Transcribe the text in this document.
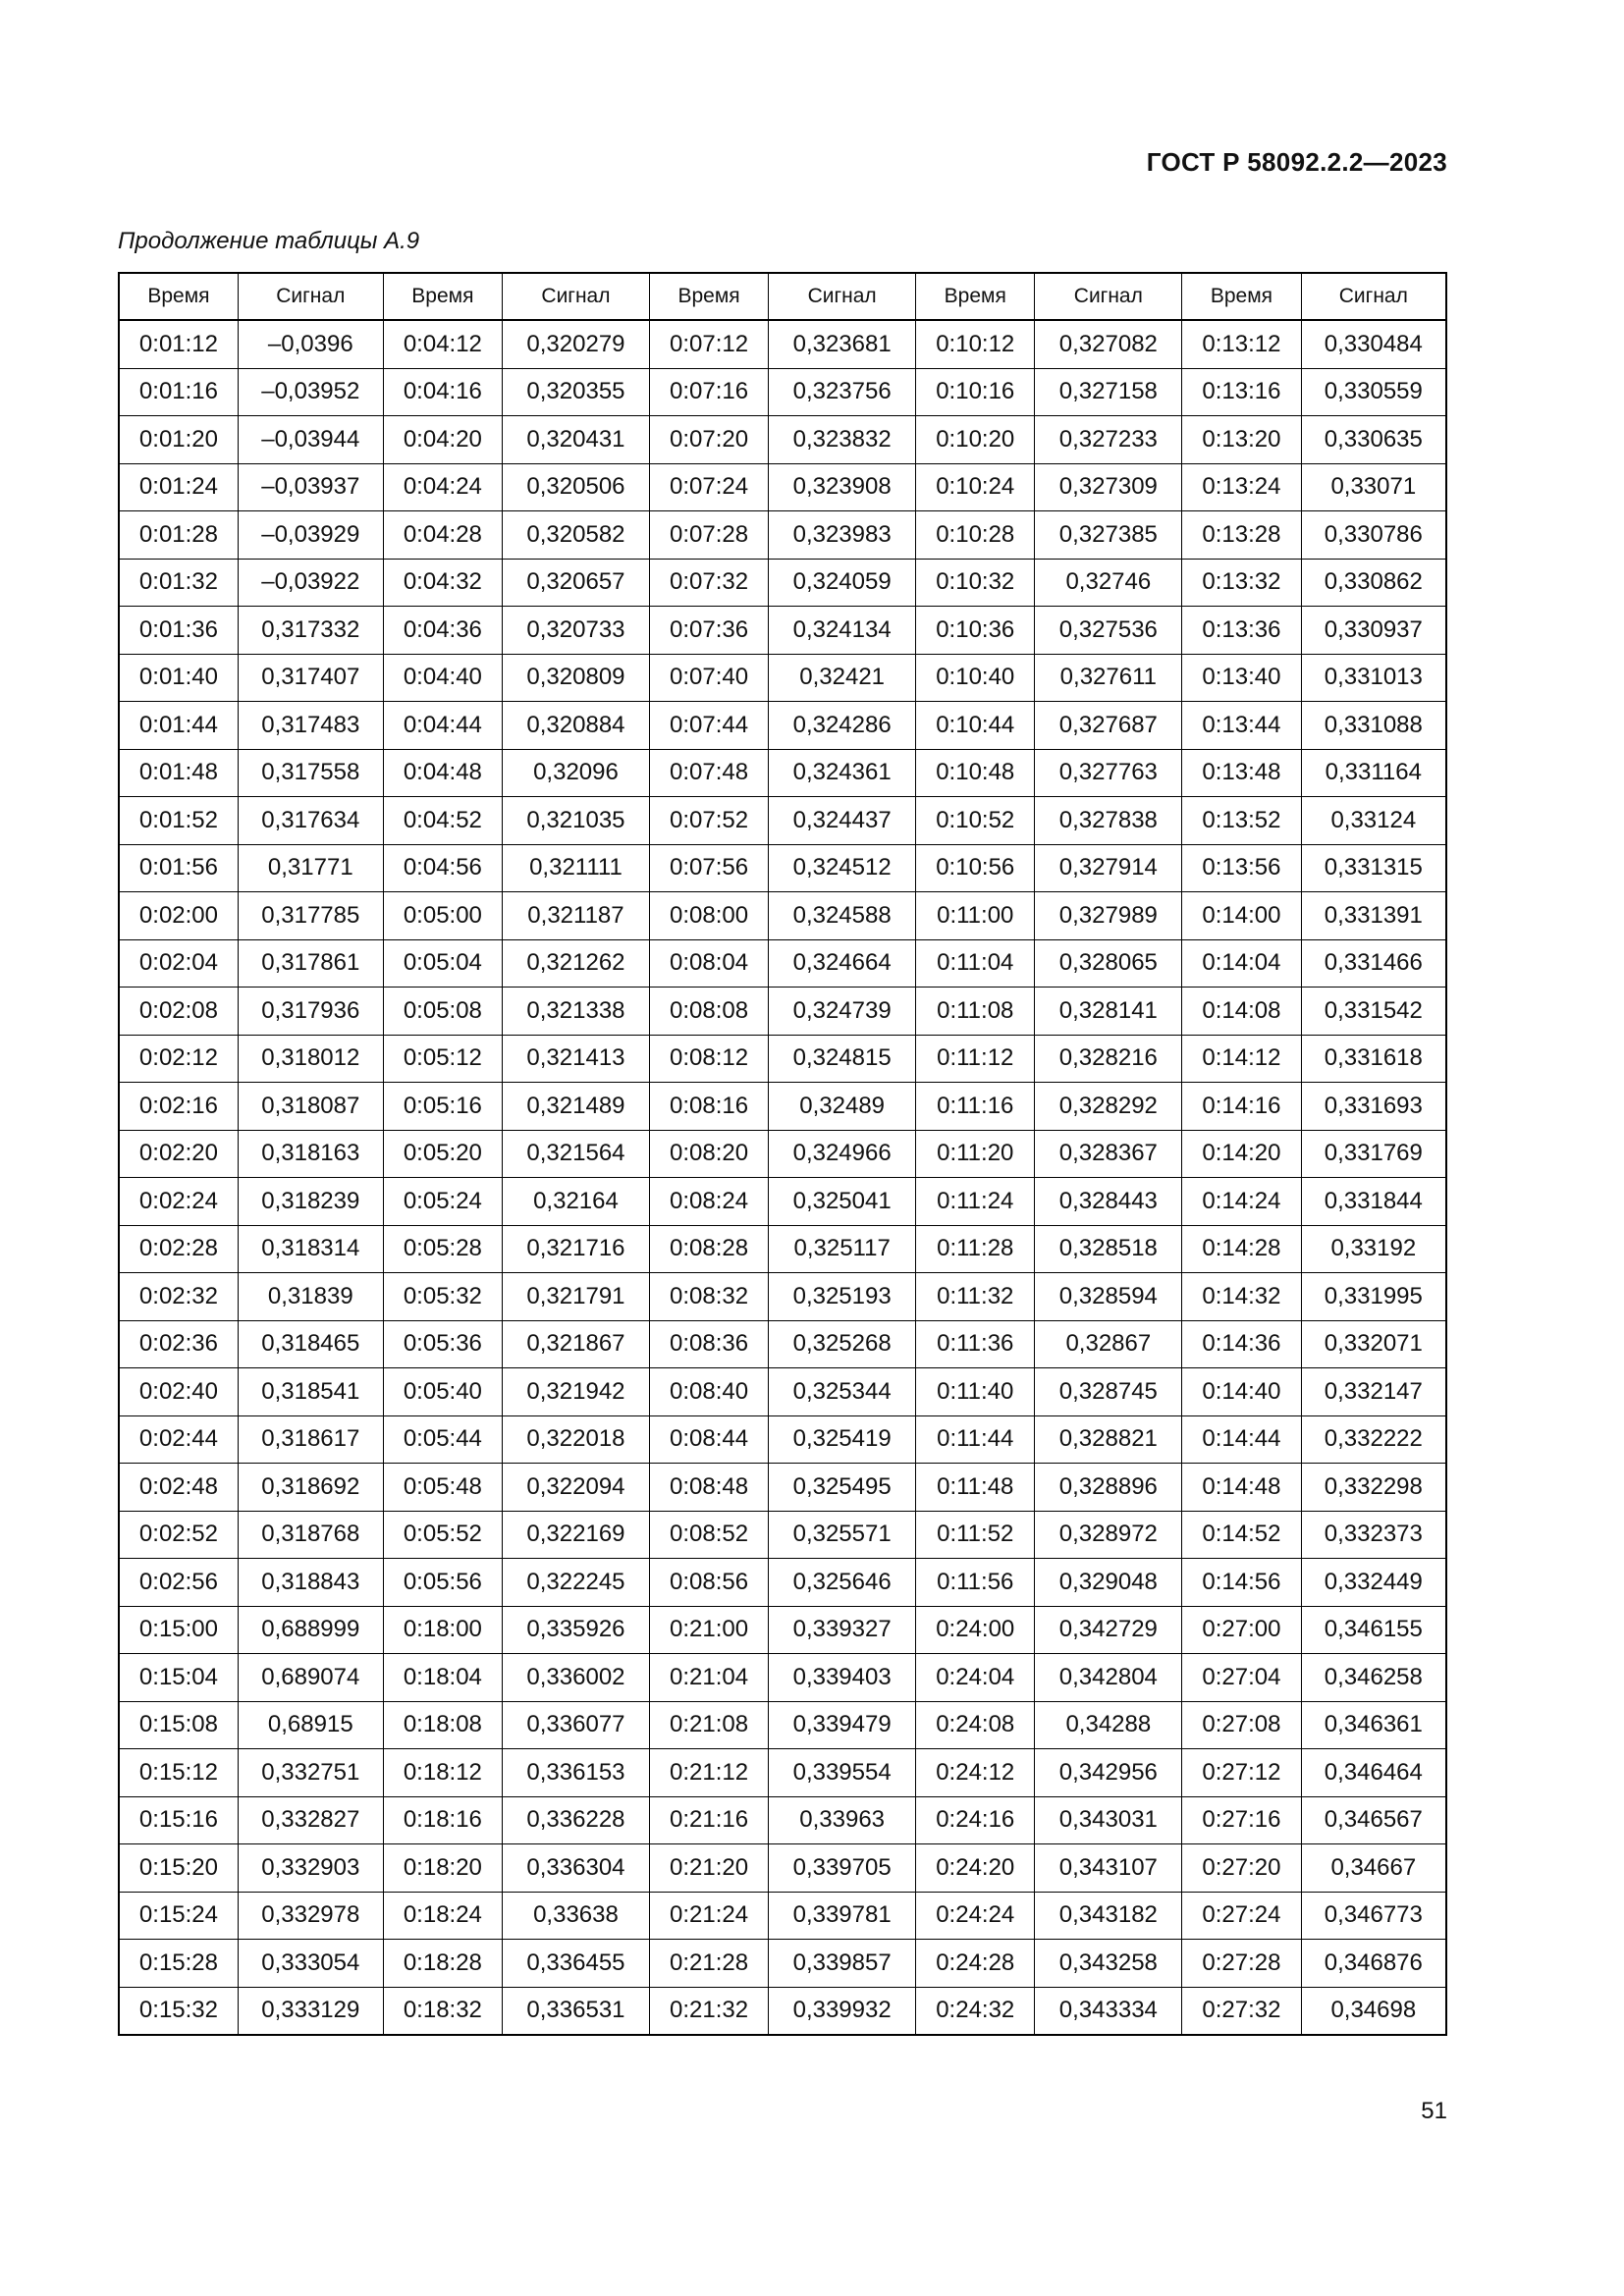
ГОСТ Р 58092.2.2—2023

Продолжение таблицы А.9

Время	Сигнал	Время	Сигнал	Время	Сигнал	Время	Сигнал	Время	Сигнал
0:01:12	–0,0396	0:04:12	0,320279	0:07:12	0,323681	0:10:12	0,327082	0:13:12	0,330484
0:01:16	–0,03952	0:04:16	0,320355	0:07:16	0,323756	0:10:16	0,327158	0:13:16	0,330559
0:01:20	–0,03944	0:04:20	0,320431	0:07:20	0,323832	0:10:20	0,327233	0:13:20	0,330635
0:01:24	–0,03937	0:04:24	0,320506	0:07:24	0,323908	0:10:24	0,327309	0:13:24	0,33071
0:01:28	–0,03929	0:04:28	0,320582	0:07:28	0,323983	0:10:28	0,327385	0:13:28	0,330786
0:01:32	–0,03922	0:04:32	0,320657	0:07:32	0,324059	0:10:32	0,32746	0:13:32	0,330862
0:01:36	0,317332	0:04:36	0,320733	0:07:36	0,324134	0:10:36	0,327536	0:13:36	0,330937
0:01:40	0,317407	0:04:40	0,320809	0:07:40	0,32421	0:10:40	0,327611	0:13:40	0,331013
0:01:44	0,317483	0:04:44	0,320884	0:07:44	0,324286	0:10:44	0,327687	0:13:44	0,331088
0:01:48	0,317558	0:04:48	0,32096	0:07:48	0,324361	0:10:48	0,327763	0:13:48	0,331164
0:01:52	0,317634	0:04:52	0,321035	0:07:52	0,324437	0:10:52	0,327838	0:13:52	0,33124
0:01:56	0,31771	0:04:56	0,321111	0:07:56	0,324512	0:10:56	0,327914	0:13:56	0,331315
0:02:00	0,317785	0:05:00	0,321187	0:08:00	0,324588	0:11:00	0,327989	0:14:00	0,331391
0:02:04	0,317861	0:05:04	0,321262	0:08:04	0,324664	0:11:04	0,328065	0:14:04	0,331466
0:02:08	0,317936	0:05:08	0,321338	0:08:08	0,324739	0:11:08	0,328141	0:14:08	0,331542
0:02:12	0,318012	0:05:12	0,321413	0:08:12	0,324815	0:11:12	0,328216	0:14:12	0,331618
0:02:16	0,318087	0:05:16	0,321489	0:08:16	0,32489	0:11:16	0,328292	0:14:16	0,331693
0:02:20	0,318163	0:05:20	0,321564	0:08:20	0,324966	0:11:20	0,328367	0:14:20	0,331769
0:02:24	0,318239	0:05:24	0,32164	0:08:24	0,325041	0:11:24	0,328443	0:14:24	0,331844
0:02:28	0,318314	0:05:28	0,321716	0:08:28	0,325117	0:11:28	0,328518	0:14:28	0,33192
0:02:32	0,31839	0:05:32	0,321791	0:08:32	0,325193	0:11:32	0,328594	0:14:32	0,331995
0:02:36	0,318465	0:05:36	0,321867	0:08:36	0,325268	0:11:36	0,32867	0:14:36	0,332071
0:02:40	0,318541	0:05:40	0,321942	0:08:40	0,325344	0:11:40	0,328745	0:14:40	0,332147
0:02:44	0,318617	0:05:44	0,322018	0:08:44	0,325419	0:11:44	0,328821	0:14:44	0,332222
0:02:48	0,318692	0:05:48	0,322094	0:08:48	0,325495	0:11:48	0,328896	0:14:48	0,332298
0:02:52	0,318768	0:05:52	0,322169	0:08:52	0,325571	0:11:52	0,328972	0:14:52	0,332373
0:02:56	0,318843	0:05:56	0,322245	0:08:56	0,325646	0:11:56	0,329048	0:14:56	0,332449
0:15:00	0,688999	0:18:00	0,335926	0:21:00	0,339327	0:24:00	0,342729	0:27:00	0,346155
0:15:04	0,689074	0:18:04	0,336002	0:21:04	0,339403	0:24:04	0,342804	0:27:04	0,346258
0:15:08	0,68915	0:18:08	0,336077	0:21:08	0,339479	0:24:08	0,34288	0:27:08	0,346361
0:15:12	0,332751	0:18:12	0,336153	0:21:12	0,339554	0:24:12	0,342956	0:27:12	0,346464
0:15:16	0,332827	0:18:16	0,336228	0:21:16	0,33963	0:24:16	0,343031	0:27:16	0,346567
0:15:20	0,332903	0:18:20	0,336304	0:21:20	0,339705	0:24:20	0,343107	0:27:20	0,34667
0:15:24	0,332978	0:18:24	0,33638	0:21:24	0,339781	0:24:24	0,343182	0:27:24	0,346773
0:15:28	0,333054	0:18:28	0,336455	0:21:28	0,339857	0:24:28	0,343258	0:27:28	0,346876
0:15:32	0,333129	0:18:32	0,336531	0:21:32	0,339932	0:24:32	0,343334	0:27:32	0,34698

51
